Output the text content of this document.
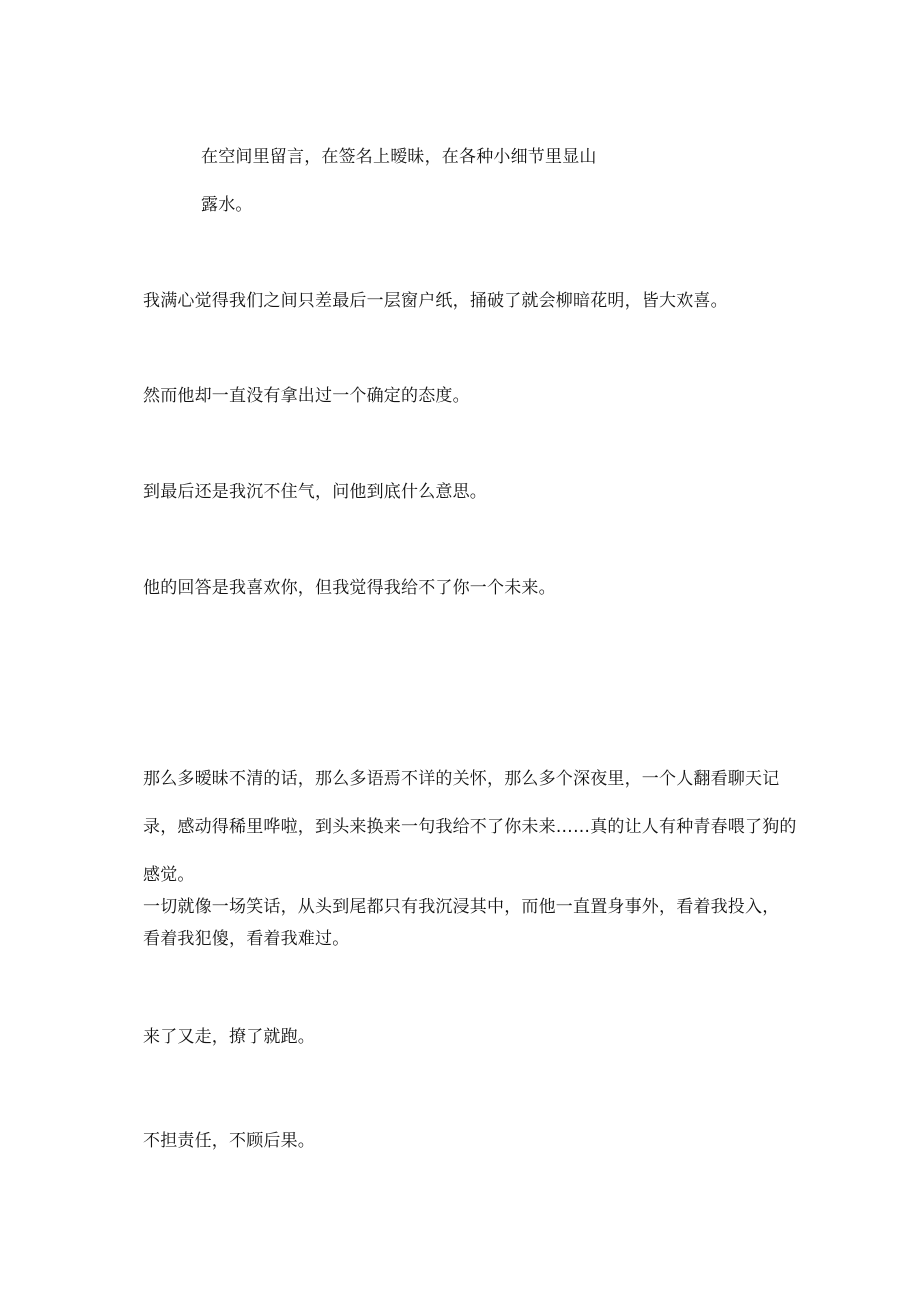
在空间里留言，在签名上暧昧，在各种小细节里显山
露水。
我满心觉得我们之间只差最后一层窗户纸，捅破了就会柳暗花明，皆大欢喜。
然而他却一直没有拿出过一个确定的态度。
到最后还是我沉不住气，问他到底什么意思。
他的回答是我喜欢你，但我觉得我给不了你一个未来。
那么多暧昧不清的话，那么多语焉不详的关怀，那么多个深夜里，一个人翻看聊天记
录，感动得稀里哗啦，到头来换来一句我给不了你未来……真的让人有种青春喂了狗的
感觉。
一切就像一场笑话，从头到尾都只有我沉浸其中，而他一直置身事外，看着我投入，
看着我犯傻，看着我难过。
来了又走，撩了就跑。
不担责任，不顾后果。
